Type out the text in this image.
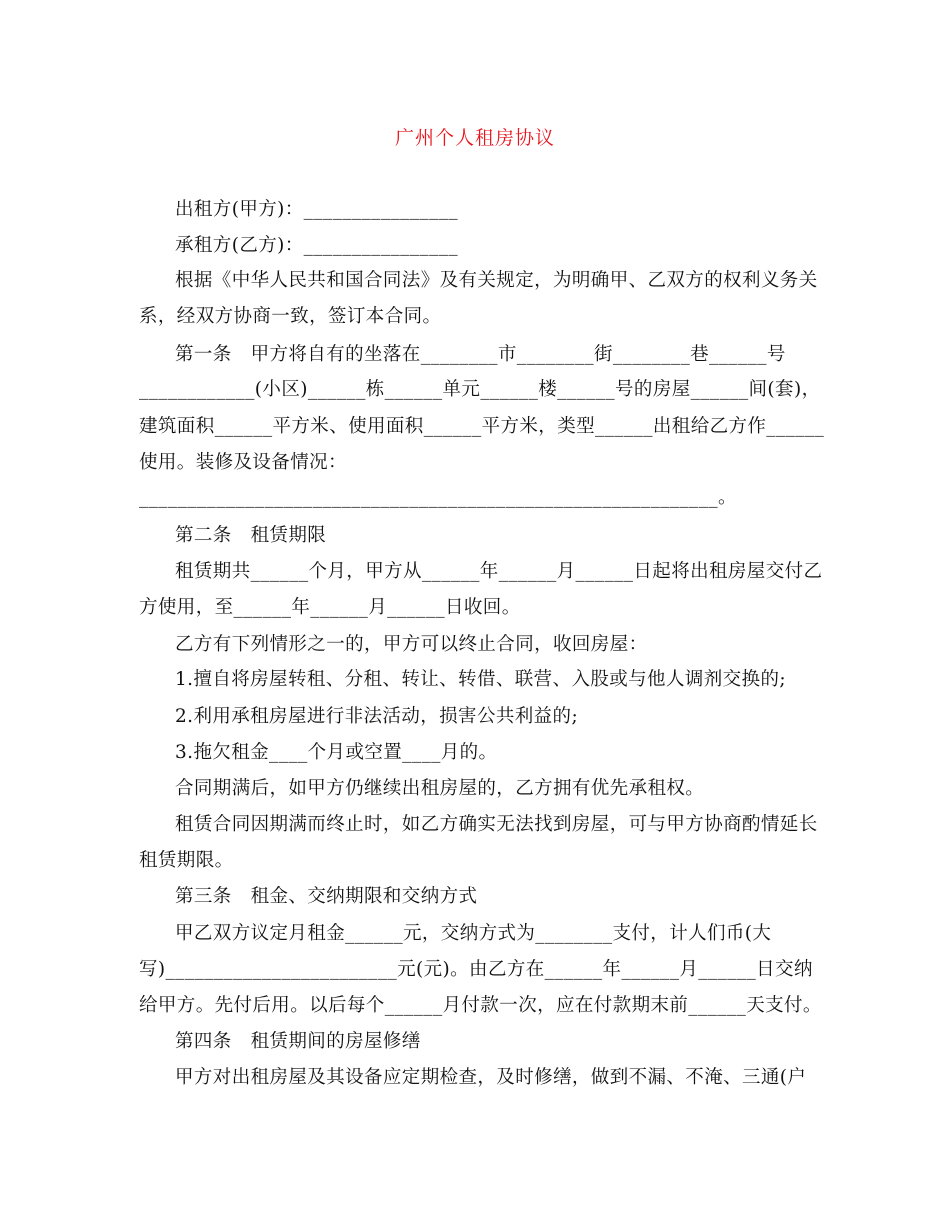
广州个人租房协议
出租方(甲方)：________________
承租方(乙方)：________________
根据《中华人民共和国合同法》及有关规定，为明确甲、乙双方的权利义务关
系，经双方协商一致，签订本合同。
第一条　甲方将自有的坐落在________市________街________巷______号
____________(小区)______栋______单元______楼______号的房屋______间(套)，
建筑面积______平方米、使用面积______平方米，类型______出租给乙方作______
使用。装修及设备情况：
____________________________________________________________。
第二条　租赁期限
租赁期共______个月，甲方从______年______月______日起将出租房屋交付乙
方使用，至______年______月______日收回。
乙方有下列情形之一的，甲方可以终止合同，收回房屋：
1.擅自将房屋转租、分租、转让、转借、联营、入股或与他人调剂交换的;
2.利用承租房屋进行非法活动，损害公共利益的;
3.拖欠租金____个月或空置____月的。
合同期满后，如甲方仍继续出租房屋的，乙方拥有优先承租权。
租赁合同因期满而终止时，如乙方确实无法找到房屋，可与甲方协商酌情延长
租赁期限。
第三条　租金、交纳期限和交纳方式
甲乙双方议定月租金______元，交纳方式为________支付，计人们币(大
写)________________________元(元)。由乙方在______年______月______日交纳
给甲方。先付后用。以后每个______月付款一次，应在付款期末前______天支付。
第四条　租赁期间的房屋修缮
甲方对出租房屋及其设备应定期检查，及时修缮，做到不漏、不淹、三通(户
